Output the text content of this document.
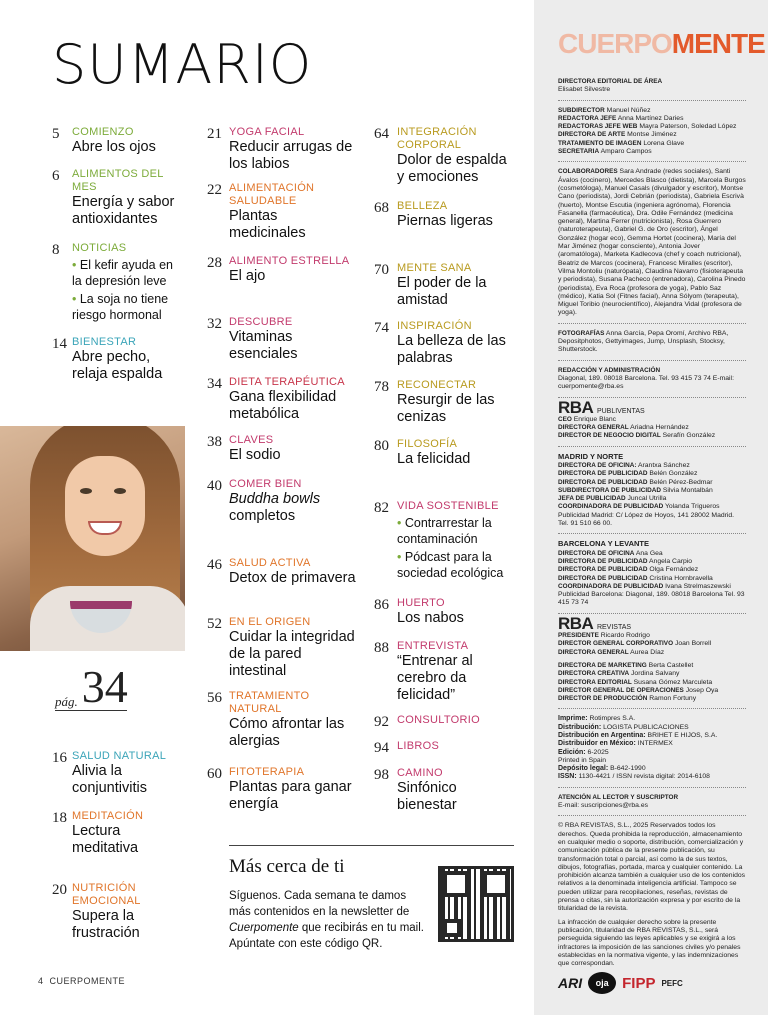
SUMARIO
5 COMIENZO
Abre los ojos
6 ALIMENTOS DEL MES
Energía y sabor antioxidantes
8 NOTICIAS
• El kefir ayuda en la depresión leve
• La soja no tiene riesgo hormonal
14 BIENESTAR
Abre pecho, relaja espalda
16 SALUD NATURAL
Alivia la conjuntivitis
18 MEDITACIÓN
Lectura meditativa
20 NUTRICIÓN EMOCIONAL
Supera la frustración
21 YOGA FACIAL
Reducir arrugas de los labios
22 ALIMENTACIÓN SALUDABLE
Plantas medicinales
28 ALIMENTO ESTRELLA
El ajo
32 DESCUBRE
Vitaminas esenciales
34 DIETA TERAPÉUTICA
Gana flexibilidad metabólica
38 CLAVES
El sodio
40 COMER BIEN
Buddha bowls
completos
46 SALUD ACTIVA
Detox de primavera
52 EN EL ORIGEN
Cuidar la integridad de la pared intestinal
56 TRATAMIENTO NATURAL
Cómo afrontar las alergias
60 FITOTERAPIA
Plantas para ganar energía
64 INTEGRACIÓN CORPORAL
Dolor de espalda y emociones
68 BELLEZA
Piernas ligeras
70 MENTE SANA
El poder de la amistad
74 INSPIRACIÓN
La belleza de las palabras
78 RECONECTAR
Resurgir de las cenizas
80 FILOSOFÍA
La felicidad
82 VIDA SOSTENIBLE
• Contrarrestar la contaminación
• Pódcast para la sociedad ecológica
86 HUERTO
Los nabos
88 ENTREVISTA
“Entrenar al cerebro da felicidad”
92 CONSULTORIO
94 LIBROS
98 CAMINO
Sinfónico bienestar
pág. 34
Más cerca de ti
Síguenos. Cada semana te damos más contenidos en la newsletter de Cuerpomente que recibirás en tu mail. Apúntate con este código QR.
4 CUERPOMENTE
CUERPOMENTE
DIRECTORA EDITORIAL DE ÁREA
Elisabet Silvestre
SUBDIRECTOR Manuel Núñez
REDACTORA JEFE Anna Martínez Daries
REDACTORAS JEFE WEB Mayra Paterson, Soledad López
DIRECTORA DE ARTE Montse Jiménez
TRATAMIENTO DE IMAGEN Lorena Glave
SECRETARIA Amparo Campos
COLABORADORES Sara Andrade (redes sociales), Santi Ávalos (cocinero), Mercedes Blasco (dietista), Marcela Burgos (cosmetóloga), Manuel Casals (divulgador y escritor), Montse Cano (periodista), Jordi Cebrián (periodista), Gabriela Escrivà (huerto), Montse Escutia (ingeniera agrónoma), Florencia Fasanella (farmacéutica), Dra. Odile Fernández (medicina general), Martina Ferrer (nutricionista), Rosa Guerrero (naturoterapeuta), Gabriel G. de Oro (escritor), Ángel González (hogar eco), Gemma Hortet (cocinera), María del Mar Jiménez (hogar consciente), Antonia Jover (aromatóloga), Marketa Kadlecova (chef y coach nutricional), Beatriz de Marcos (cocinera), Francesc Miralles (escritor), Vilma Montoliu (naturópata), Claudina Navarro (fisioterapeuta y periodista), Susana Pacheco (entrenadora), Carolina Pinedo (periodista), Eva Roca (profesora de yoga), Pablo Saz (médico), Katia Sol (Fitnes facial), Anna Sólyom (terapeuta), Miguel Toribio (neurocientífico), Alejandra Vidal (profesora de yoga).
FOTOGRAFÍAS Anna García, Pepa Oromí, Archivo RBA, Depositphotos, Gettyimages, Jump, Unsplash, Stocksy, Shutterstock.
REDACCIÓN Y ADMINISTRACIÓN
Diagonal, 189. 08018 Barcelona. Tel. 93 415 73 74 E-mail: cuerpomente@rba.es
RBA PUBLIVENTAS
CEO Enrique Blanc
DIRECTORA GENERAL Ariadna Hernández
DIRECTOR DE NEGOCIO DIGITAL Serafín González
MADRID Y NORTE
DIRECTORA DE OFICINA: Arantxa Sánchez
DIRECTORA DE PUBLICIDAD Belén González
DIRECTORA DE PUBLICIDAD Belén Pérez-Bedmar
SUBDIRECTORA DE PUBLICIDAD Silvia Montalbán
JEFA DE PUBLICIDAD Juncal Utrilla
COORDINADORA DE PUBLICIDAD Yolanda Trigueros
Publicidad Madrid: C/ López de Hoyos, 141 28002 Madrid. Tel. 91 510 66 00.
BARCELONA Y LEVANTE
DIRECTORA DE OFICINA Ana Gea
DIRECTORA DE PUBLICIDAD Angela Carpio
DIRECTORA DE PUBLICIDAD Olga Fernández
DIRECTORA DE PUBLICIDAD Cristina Hornbravella
COORDINADORA DE PUBLICIDAD Ivana Strelmaszewski
Publicidad Barcelona: Diagonal, 189. 08018 Barcelona Tel. 93 415 73 74
RBA REVISTAS
PRESIDENTE Ricardo Rodrigo
DIRECTOR GENERAL CORPORATIVO Joan Borrell
DIRECTORA GENERAL Aurea Díaz
DIRECTORA DE MARKETING Berta Castellet
DIRECTORA CREATIVA Jordina Salvany
DIRECTORA EDITORIAL Susana Gómez Marculeta
DIRECTOR GENERAL DE OPERACIONES Josep Oya
DIRECTOR DE PRODUCCIÓN Ramon Fortuny
Imprime: Rotimpres S.A.
Distribución: LOGISTA PUBLICACIONES
Distribución en Argentina: BRIHET E HIJOS, S.A.
Distribuidor en México: INTERMEX
Edición: 6-2025
Printed in Spain
Depósito legal: B-642-1990
ISSN: 1130-4421 / ISSN revista digital: 2014-6108
ATENCIÓN AL LECTOR Y SUSCRIPTOR
E-mail: suscripciones@rba.es
© RBA REVISTAS, S.L., 2025 Reservados todos los derechos. Queda prohibida la reproducción, almacenamiento en cualquier medio o soporte, distribución, comercialización y comunicación pública de la presente publicación, su transformación total o parcial, así como la de sus textos, dibujos, fotografías, portada, marca y cualquier contenido. La prohibición alcanza también a cualquier uso de los contenidos relativos a la denominada inteligencia artificial. Tampoco se pueden utilizar para recopilaciones, reseñas, revistas de prensa o citas, sin la autorización expresa y por escrito de la titularidad de la revista.
La infracción de cualquier derecho sobre la presente publicación, titularidad de RBA REVISTAS, S.L., será perseguida siguiendo las leyes aplicables y se exigirá a los infractores la imposición de las sanciones civiles y/o penales establecidas en la normativa vigente, y las indemnizaciones que correspondan.
ARI	oja FIPP PEFC
